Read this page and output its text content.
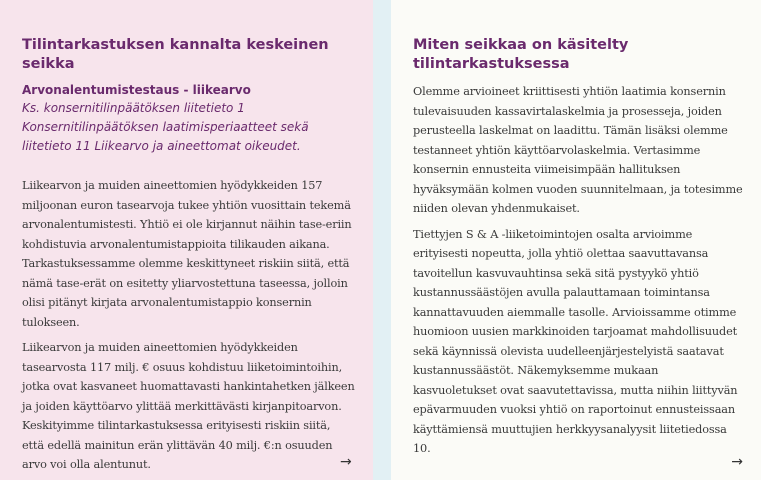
Tilintarkastuksen kannalta keskeinen seikka
Arvonalentumistestaus - liikearvo
Ks. konsernitilinpäätöksen liitetieto 1 Konsernitilinpäätöksen laatimisperiaatteet sekä liitetieto 11 Liikearvo ja aineettomat oikeudet.

Liikearvon ja muiden aineettomien hyödykkeiden 157 miljoonan euron tasearvoja tukee yhtiön vuosittain tekemä arvonalentumistesti. Yhtiö ei ole kirjannut näihin tase-eriin kohdistuvia arvonalentumistappioita tilikauden aikana. Tarkastuksessamme olemme keskittyneet riskiin siitä, että nämä tase-erät on esitetty yliarvostettuna taseessa, jolloin olisi pitänyt kirjata arvonalentumistappio konsernin tulokseen.

Liikearvon ja muiden aineettomien hyödykkeiden tasearvosta 117 milj. € osuus kohdistuu liiketoimintoihin, jotka ovat kasvaneet huomattavasti hankintahetken jälkeen ja joiden käyttöarvo ylittää merkittävästi kirjanpitoarvon. Keskityimme tilintarkastuksessa erityisesti riskiin siitä, että edellä mainitun erän ylittävän 40 milj. €:n osuuden arvo voi olla alentunut.	→
Miten seikkaa on käsitelty tilintarkastuksessa

Olemme arvioineet kriittisesti yhtiön laatimia konsernin tulevaisuuden kassavirtalaskelmia ja prosesseja, joiden perusteella laskelmat on laadittu. Tämän lisäksi olemme testanneet yhtiön käyttöarvolaskelmia. Vertasimme konsernin ennusteita viimeisimpään hallituksen hyväksymään kolmen vuoden suunnitelmaan, ja totesimme niiden olevan yhdenmukaiset.

Tiettyjen S & A -liiketoimintojen osalta arvioimme erityisesti nopeutta, jolla yhtiö olettaa saavuttavansa tavoitellun kasvuvauhtinsa sekä sitä pystyykö yhtiö kustannussäästöjen avulla palauttamaan toimintansa kannattavuuden aiemmalle tasolle. Arvioissamme otimme huomioon uusien markkinoiden tarjoamat mahdollisuudet sekä käynnissä olevista uudelleenjärjestelyistä saatavat kustannussäästöt. Näkemyksemme mukaan kasvuoletukset ovat saavutettavissa, mutta niihin liittyvän epävarmuuden vuoksi yhtiö on raportoinut ennusteissaan käyttämiensä muuttujien herkkyysanalyysit liitetiedossa 10.

→
